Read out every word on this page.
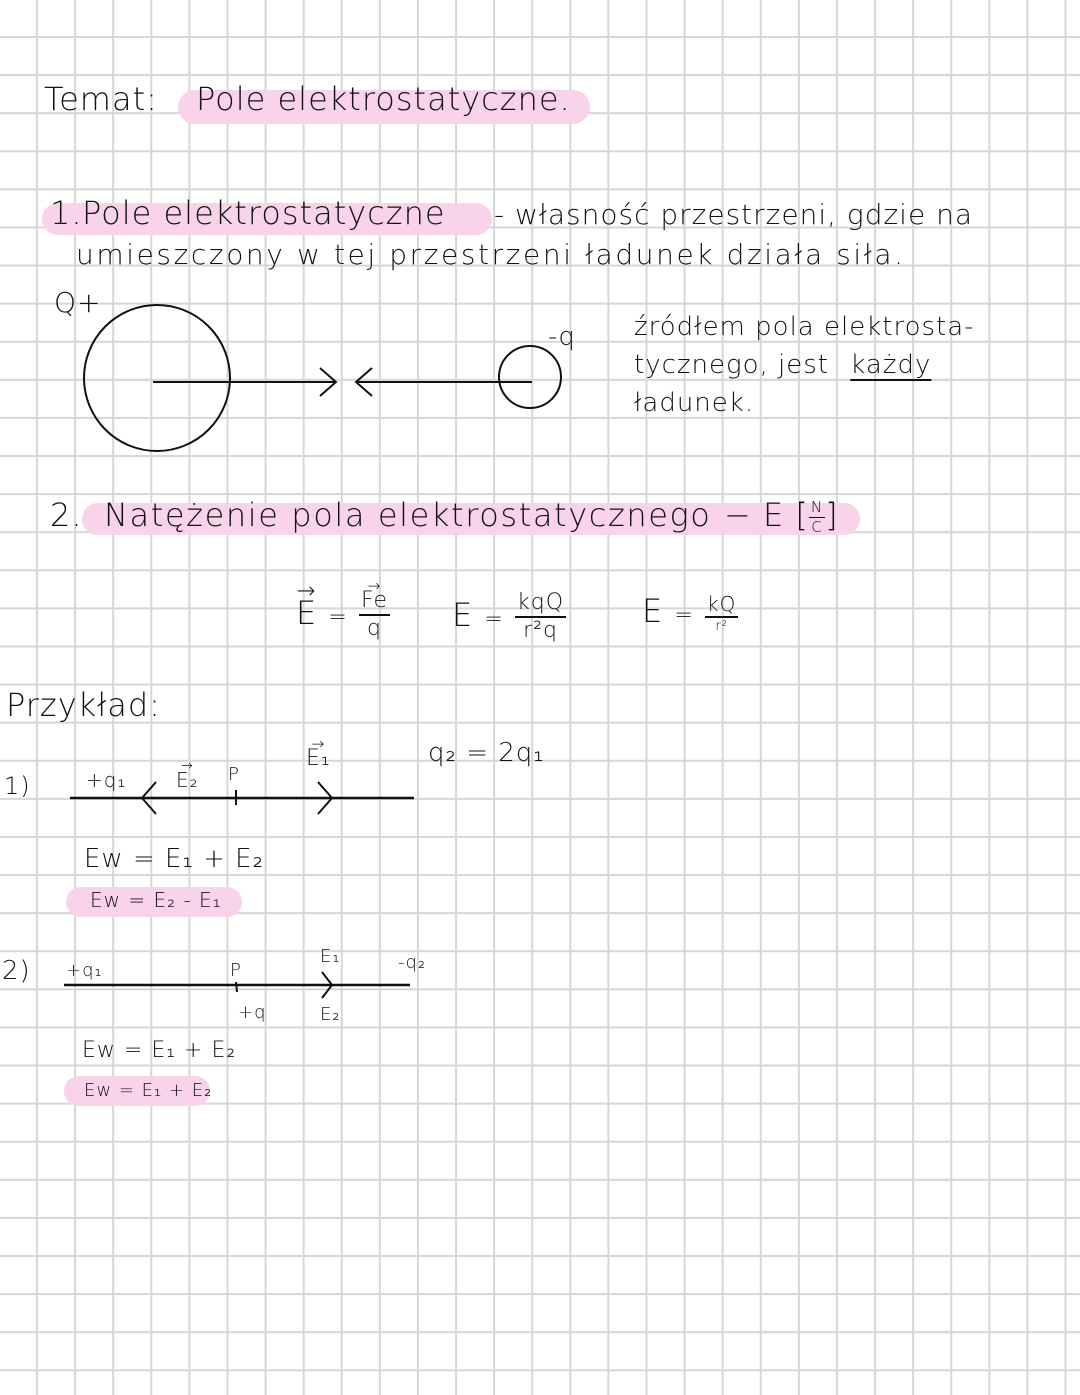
Temat: Pole elektrostatyczne.
1. Pole elektrostatyczne - własność przestrzeni, gdzie na
umieszczony w tej przestrzeni ładunek działa siła.
Q+
-q źródłem pola elektrosta-
tycznego, jest każdy
ładunek.
2. Natężenie pola elektrostatycznego − E [ $\frac{N}{C}$ ]
→ E = → $\frac{Fe}{q}$ $E = \frac{\text{kqQ}}{\text{r²q}}$ $E = \frac{kQ}{\text{r²}}$
Przykład:
1)	+q₁ → E₂ P
→ E₁	q₂ = 2q₁
Ew = E₁ + E₂
Ew = E₂ - E₁
2) +q₁	P
+q
E₁
E₂
-q₂
Ew = E₁ + E₂
Ew = E₁ + E₂
